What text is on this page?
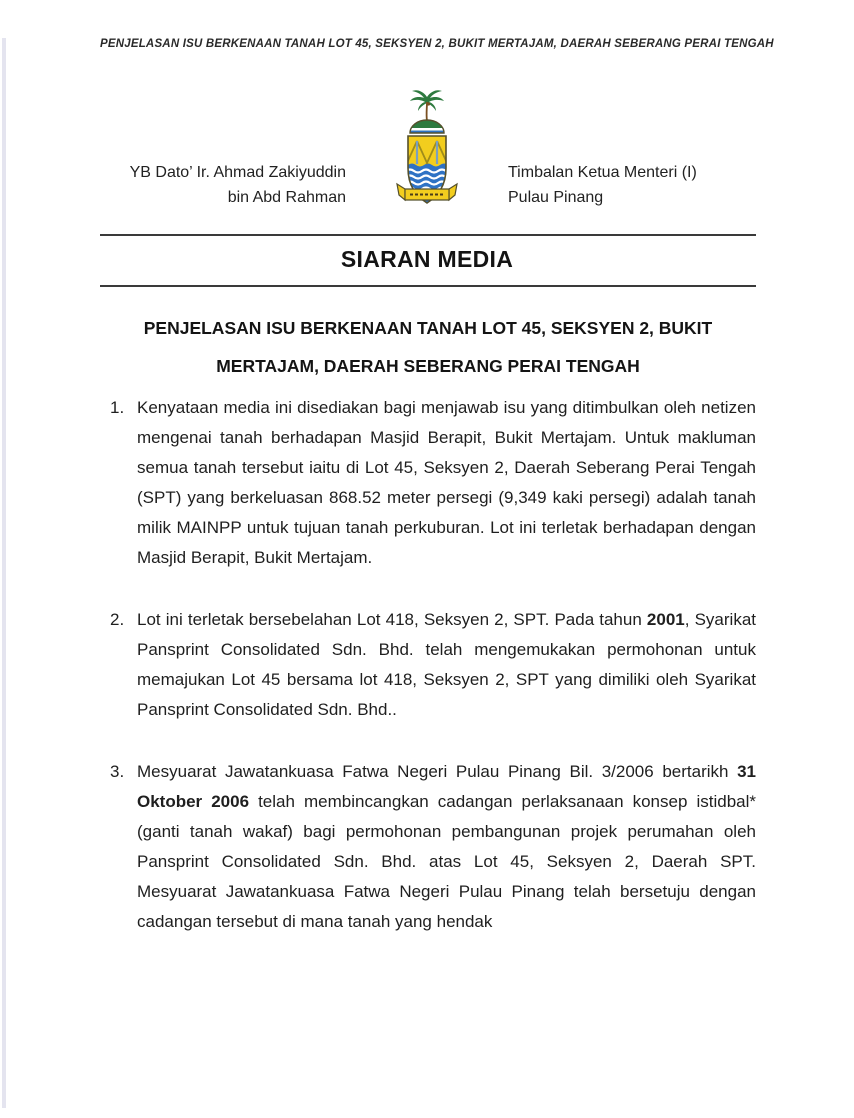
PENJELASAN ISU BERKENAAN TANAH LOT 45, SEKSYEN 2, BUKIT MERTAJAM, DAERAH SEBERANG PERAI TENGAH
YB Dato’ Ir. Ahmad Zakiyuddin
bin Abd Rahman
Timbalan Ketua Menteri (I)
Pulau Pinang
SIARAN MEDIA
PENJELASAN ISU BERKENAAN TANAH LOT 45, SEKSYEN 2, BUKIT
MERTAJAM, DAERAH SEBERANG PERAI TENGAH
1. Kenyataan media ini disediakan bagi menjawab isu yang ditimbulkan oleh netizen mengenai tanah berhadapan Masjid Berapit, Bukit Mertajam. Untuk makluman semua tanah tersebut iaitu di Lot 45, Seksyen 2, Daerah Seberang Perai Tengah (SPT) yang berkeluasan 868.52 meter persegi (9,349 kaki persegi) adalah tanah milik MAINPP untuk tujuan tanah perkuburan. Lot ini terletak berhadapan dengan Masjid Berapit, Bukit Mertajam.
2. Lot ini terletak bersebelahan Lot 418, Seksyen 2, SPT. Pada tahun 2001, Syarikat Pansprint Consolidated Sdn. Bhd. telah mengemukakan permohonan untuk memajukan Lot 45 bersama lot 418, Seksyen 2, SPT yang dimiliki oleh Syarikat Pansprint Consolidated Sdn. Bhd..
3. Mesyuarat Jawatankuasa Fatwa Negeri Pulau Pinang Bil. 3/2006 bertarikh 31 Oktober 2006 telah membincangkan cadangan perlaksanaan konsep istidbal* (ganti tanah wakaf) bagi permohonan pembangunan projek perumahan oleh Pansprint Consolidated Sdn. Bhd. atas Lot 45, Seksyen 2, Daerah SPT. Mesyuarat Jawatankuasa Fatwa Negeri Pulau Pinang telah bersetuju dengan cadangan tersebut di mana tanah yang hendak
